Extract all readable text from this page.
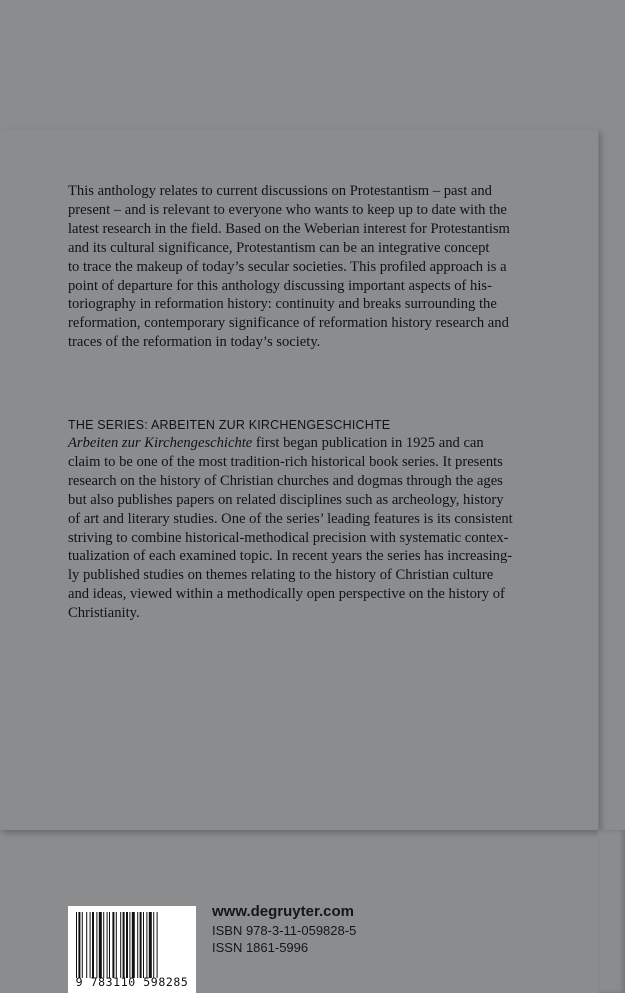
This anthology relates to current discussions on Protestantism – past and

present – and is relevant to everyone who wants to keep up to date with the

latest research in the field. Based on the Weberian interest for Protestantism

and its cultural significance, Protestantism can be an integrative concept

to trace the makeup of today’s secular societies. This profiled approach is a

point of departure for this anthology discussing important aspects of his-

toriography in reformation history: continuity and breaks surrounding the

reformation, contemporary significance of reformation history research and

traces of the reformation in today’s society.

THE SERIES: ARBEITEN ZUR KIRCHENGESCHICHTE

Arbeiten zur Kirchengeschichte first began publication in 1925 and can

claim to be one of the most tradition-rich historical book series. It presents

research on the history of Christian churches and dogmas through the ages

but also publishes papers on related disciplines such as archeology, history

of art and literary studies. One of the series’ leading features is its consistent

striving to combine historical-methodical precision with systematic contex-

tualization of each examined topic. In recent years the series has increasing-

ly published studies on themes relating to the history of Christian culture

and ideas, viewed within a methodically open perspective on the history of

Christianity.

9 783110 598285
www.degruyter.com
ISBN 978-3-11-059828-5
ISSN 1861-5996
